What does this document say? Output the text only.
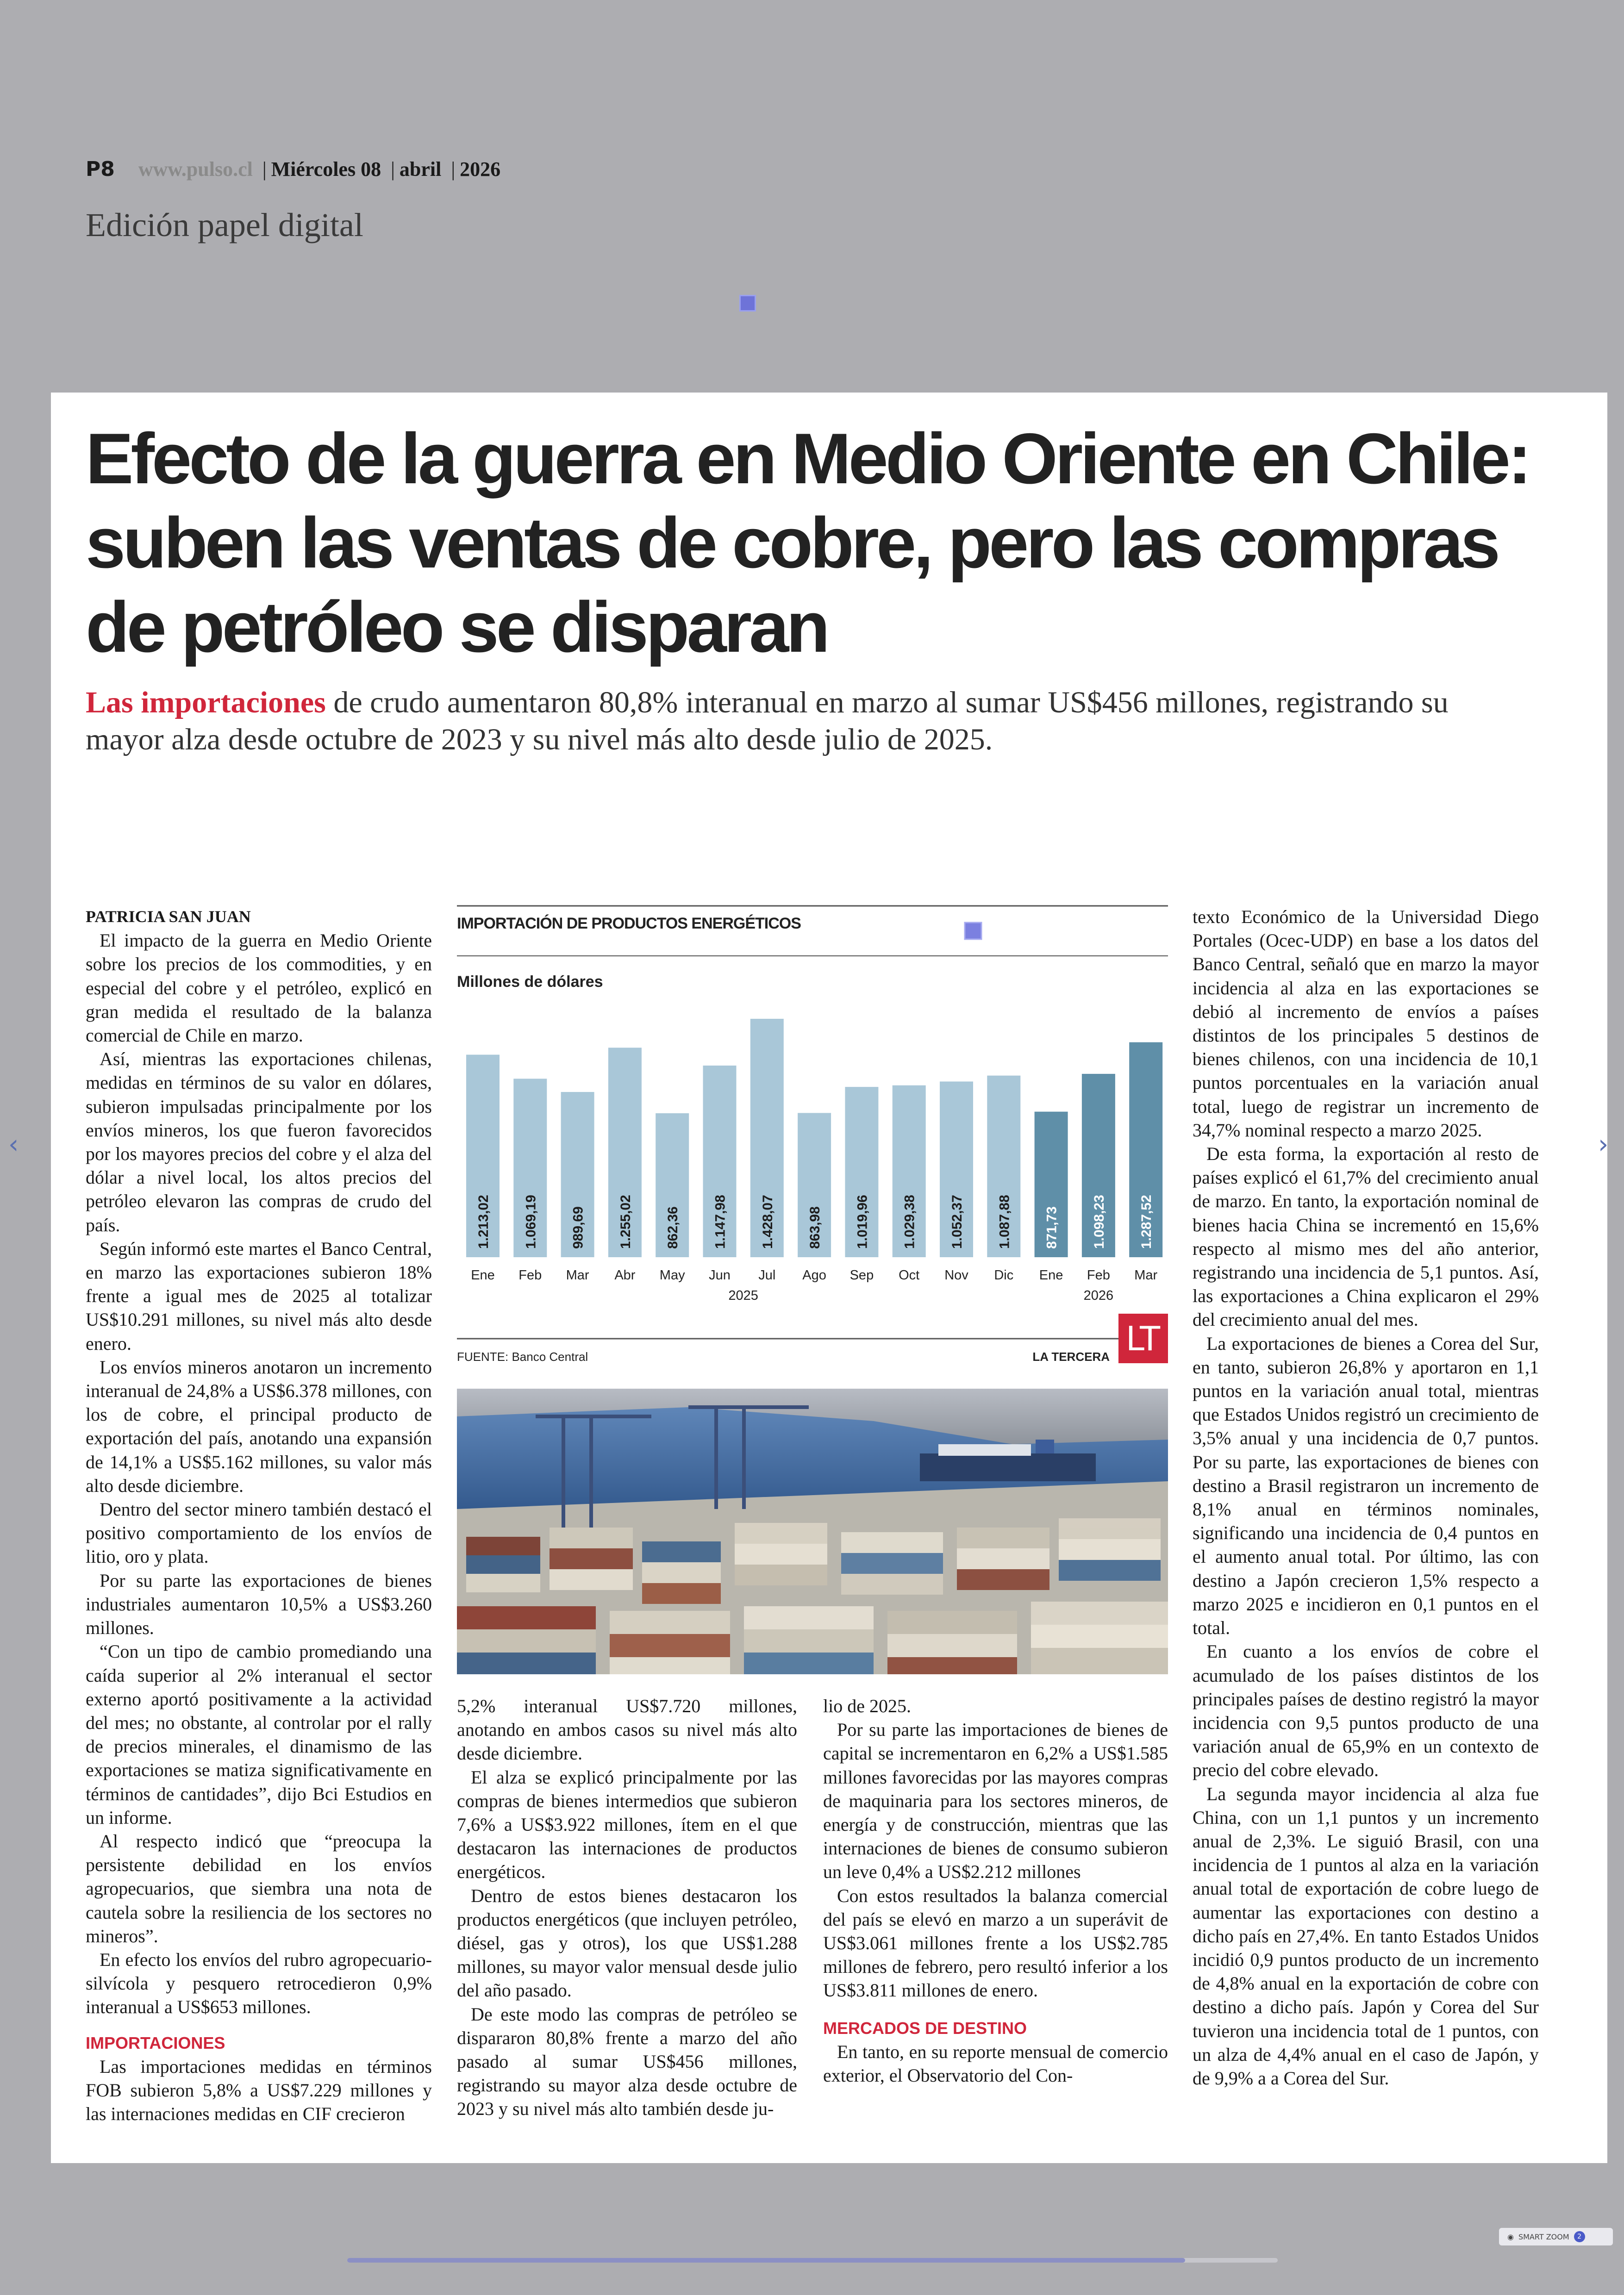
P8 www.pulso.cl | Miércoles 08 | abril | 2026
Edición papel digital
Efecto de la guerra en Medio Oriente en Chile:
suben las ventas de cobre, pero las compras
de petróleo se disparan
Las importaciones de crudo aumentaron 80,8% interanual en marzo al sumar US$456 millones, registrando su mayor alza desde octubre de 2023 y su nivel más alto desde julio de 2025.

PATRICIA SAN JUAN

El impacto de la guerra en Medio Oriente sobre los precios de los commodities, y en especial del cobre y el petróleo, explicó en gran medida el resultado de la balanza comercial de Chile en marzo.

Así, mientras las exportaciones chilenas, medidas en términos de su valor en dólares, subieron impulsadas principalmente por los envíos mineros, los que fueron favorecidos por los mayores precios del cobre y el alza del dólar a nivel local, los altos precios del petróleo elevaron las compras de crudo del país.

Según informó este martes el Banco Central, en marzo las exportaciones subieron 18% frente a igual mes de 2025 al totalizar US$10.291 millones, su nivel más alto desde enero.

Los envíos mineros anotaron un incremento interanual de 24,8% a US$6.378 millones, con los de cobre, el principal producto de exportación del país, anotando una expansión de 14,1% a US$5.162 millones, su valor más alto desde diciembre.

Dentro del sector minero también destacó el positivo comportamiento de los envíos de litio, oro y plata.

Por su parte las exportaciones de bienes industriales aumentaron 10,5% a US$3.260 millones.

“Con un tipo de cambio promediando una caída superior al 2% interanual el sector externo aportó positivamente a la actividad del mes; no obstante, al controlar por el rally de precios minerales, el dinamismo de las exportaciones se matiza significativamente en términos de cantidades”, dijo Bci Estudios en un informe.

Al respecto indicó que “preocupa la persistente debilidad en los envíos agropecuarios, que siembra una nota de cautela sobre la resiliencia de los sectores no mineros”.

En efecto los envíos del rubro agropecuario-silvícola y pesquero retrocedieron 0,9% interanual a US$653 millones.

IMPORTACIONES

Las importaciones medidas en términos FOB subieron 5,8% a US$7.229 millones y las internaciones medidas en CIF crecieron

IMPORTACIÓN DE PRODUCTOS ENERGÉTICOS
Millones de dólares
1.213,02
Ene
1.069,19
Feb
989,69
Mar
1.255,02
Abr
862,36
May
1.147,98
Jun
1.428,07
Jul
863,98
Ago
1.019,96
Sep
1.029,38
Oct
1.052,37
Nov
1.087,88
Dic
871,73
Ene
1.098,23
Feb
1.287,52
Mar
2025	2026
FUENTE: Banco Central	LA TERCERA LT

5,2% interanual US$7.720 millones, anotando en ambos casos su nivel más alto desde diciembre.

El alza se explicó principalmente por las compras de bienes intermedios que subieron 7,6% a US$3.922 millones, ítem en el que destacaron las internaciones de productos energéticos.

Dentro de estos bienes destacaron los productos energéticos (que incluyen petróleo, diésel, gas y otros), los que US$1.288 millones, su mayor valor mensual desde julio del año pasado.

De este modo las compras de petróleo se dispararon 80,8% frente a marzo del año pasado al sumar US$456 millones, registrando su mayor alza desde octubre de 2023 y su nivel más alto también desde ju-

lio de 2025.

Por su parte las importaciones de bienes de capital se incrementaron en 6,2% a US$1.585 millones favorecidas por las mayores compras de maquinaria para los sectores mineros, de energía y de construcción, mientras que las internaciones de bienes de consumo subieron un leve 0,4% a US$2.212 millones

Con estos resultados la balanza comercial del país se elevó en marzo a un superávit de US$3.061 millones frente a los US$2.785 millones de febrero, pero resultó inferior a los US$3.811 millones de enero.

MERCADOS DE DESTINO

En tanto, en su reporte mensual de comercio exterior, el Observatorio del Con-

texto Económico de la Universidad Diego Portales (Ocec-UDP) en base a los datos del Banco Central, señaló que en marzo la mayor incidencia al alza en las exportaciones se debió al incremento de envíos a países distintos de los principales 5 destinos de bienes chilenos, con una incidencia de 10,1 puntos porcentuales en la variación anual total, luego de registrar un incremento de 34,7% nominal respecto a marzo 2025.

De esta forma, la exportación al resto de países explicó el 61,7% del crecimiento anual de marzo. En tanto, la exportación nominal de bienes hacia China se incrementó en 15,6% respecto al mismo mes del año anterior, registrando una incidencia de 5,1 puntos. Así, las exportaciones a China explicaron el 29% del crecimiento anual del mes.

La exportaciones de bienes a Corea del Sur, en tanto, subieron 26,8% y aportaron en 1,1 puntos en la variación anual total, mientras que Estados Unidos registró un crecimiento de 3,5% anual y una incidencia de 0,7 puntos. Por su parte, las exportaciones de bienes con destino a Brasil registraron un incremento de 8,1% anual en términos nominales, significando una incidencia de 0,4 puntos en el aumento anual total. Por último, las con destino a Japón crecieron 1,5% respecto a marzo 2025 e incidieron en 0,1 puntos en el total.

En cuanto a los envíos de cobre el acumulado de los países distintos de los principales países de destino registró la mayor incidencia con 9,5 puntos producto de una variación anual de 65,9% en un contexto de precio del cobre elevado.

La segunda mayor incidencia al alza fue China, con un 1,1 puntos y un incremento anual de 2,3%. Le siguió Brasil, con una incidencia de 1 puntos al alza en la variación anual total de exportación de cobre luego de aumentar las exportaciones con destino a dicho país en 27,4%. En tanto Estados Unidos incidió 0,9 puntos producto de un incremento de 4,8% anual en la exportación de cobre con destino a dicho país. Japón y Corea del Sur tuvieron una incidencia total de 1 puntos, con un alza de 4,4% anual en el caso de Japón, y de 9,9% a a Corea del Sur.

‹	›
◉ SMART ZOOM	2
